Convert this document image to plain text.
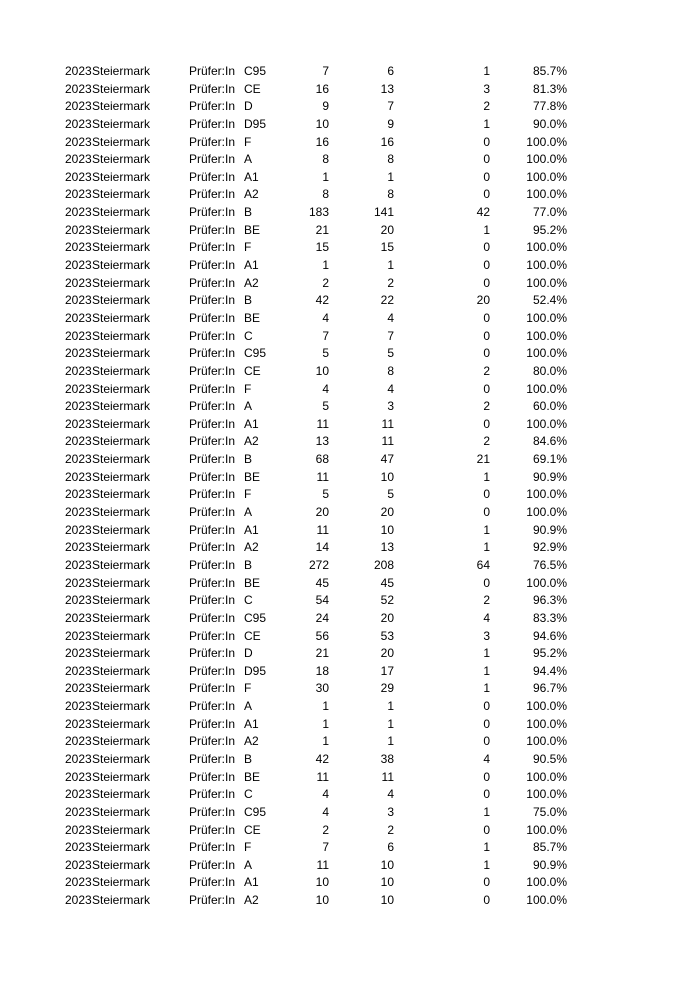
2023 Steiermark	Prüfer:In C95	7	6	1	85.7%
2023 Steiermark	Prüfer:In CE	16	13	3	81.3%
2023 Steiermark	Prüfer:In D	9	7	2	77.8%
2023 Steiermark	Prüfer:In D95	10	9	1	90.0%
2023 Steiermark	Prüfer:In F	16	16	0	100.0%
2023 Steiermark	Prüfer:In A	8	8	0	100.0%
2023 Steiermark	Prüfer:In A1	1	1	0	100.0%
2023 Steiermark	Prüfer:In A2	8	8	0	100.0%
2023 Steiermark	Prüfer:In B	183	141	42	77.0%
2023 Steiermark	Prüfer:In BE	21	20	1	95.2%
2023 Steiermark	Prüfer:In F	15	15	0	100.0%
2023 Steiermark	Prüfer:In A1	1	1	0	100.0%
2023 Steiermark	Prüfer:In A2	2	2	0	100.0%
2023 Steiermark	Prüfer:In B	42	22	20	52.4%
2023 Steiermark	Prüfer:In BE	4	4	0	100.0%
2023 Steiermark	Prüfer:In C	7	7	0	100.0%
2023 Steiermark	Prüfer:In C95	5	5	0	100.0%
2023 Steiermark	Prüfer:In CE	10	8	2	80.0%
2023 Steiermark	Prüfer:In F	4	4	0	100.0%
2023 Steiermark	Prüfer:In A	5	3	2	60.0%
2023 Steiermark	Prüfer:In A1	11	11	0	100.0%
2023 Steiermark	Prüfer:In A2	13	11	2	84.6%
2023 Steiermark	Prüfer:In B	68	47	21	69.1%
2023 Steiermark	Prüfer:In BE	11	10	1	90.9%
2023 Steiermark	Prüfer:In F	5	5	0	100.0%
2023 Steiermark	Prüfer:In A	20	20	0	100.0%
2023 Steiermark	Prüfer:In A1	11	10	1	90.9%
2023 Steiermark	Prüfer:In A2	14	13	1	92.9%
2023 Steiermark	Prüfer:In B	272	208	64	76.5%
2023 Steiermark	Prüfer:In BE	45	45	0	100.0%
2023 Steiermark	Prüfer:In C	54	52	2	96.3%
2023 Steiermark	Prüfer:In C95	24	20	4	83.3%
2023 Steiermark	Prüfer:In CE	56	53	3	94.6%
2023 Steiermark	Prüfer:In D	21	20	1	95.2%
2023 Steiermark	Prüfer:In D95	18	17	1	94.4%
2023 Steiermark	Prüfer:In F	30	29	1	96.7%
2023 Steiermark	Prüfer:In A	1	1	0	100.0%
2023 Steiermark	Prüfer:In A1	1	1	0	100.0%
2023 Steiermark	Prüfer:In A2	1	1	0	100.0%
2023 Steiermark	Prüfer:In B	42	38	4	90.5%
2023 Steiermark	Prüfer:In BE	11	11	0	100.0%
2023 Steiermark	Prüfer:In C	4	4	0	100.0%
2023 Steiermark	Prüfer:In C95	4	3	1	75.0%
2023 Steiermark	Prüfer:In CE	2	2	0	100.0%
2023 Steiermark	Prüfer:In F	7	6	1	85.7%
2023 Steiermark	Prüfer:In A	11	10	1	90.9%
2023 Steiermark	Prüfer:In A1	10	10	0	100.0%
2023 Steiermark	Prüfer:In A2	10	10	0	100.0%
